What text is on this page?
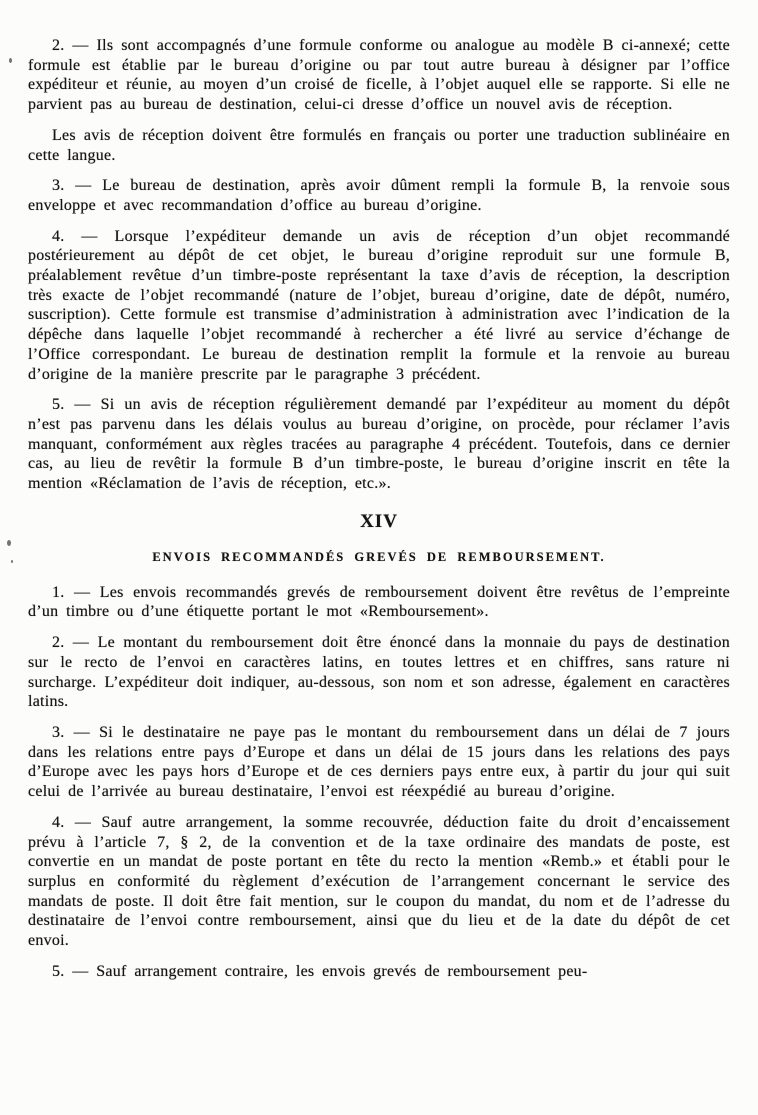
2. — Ils sont accompagnés d’une formule conforme ou analogue au modèle B ci-annexé; cette formule est établie par le bureau d’origine ou par tout autre bureau à désigner par l’office expéditeur et réunie, au moyen d’un croisé de ficelle, à l’objet auquel elle se rapporte. Si elle ne parvient pas au bureau de destination, celui-ci dresse d’office un nouvel avis de réception.

Les avis de réception doivent être formulés en français ou porter une traduction sublinéaire en cette langue.

3. — Le bureau de destination, après avoir dûment rempli la formule B, la renvoie sous enveloppe et avec recommandation d’office au bureau d’origine.

4. — Lorsque l’expéditeur demande un avis de réception d’un objet recommandé postérieurement au dépôt de cet objet, le bureau d’origine reproduit sur une formule B, préalablement revêtue d’un timbre-poste représentant la taxe d’avis de réception, la description très exacte de l’objet recommandé (nature de l’objet, bureau d’origine, date de dépôt, numéro, suscription). Cette formule est transmise d’administration à administration avec l’indication de la dépêche dans laquelle l’objet recommandé à rechercher a été livré au service d’échange de l’Office correspondant. Le bureau de destination remplit la formule et la renvoie au bureau d’origine de la manière prescrite par le paragraphe 3 précédent.

5. — Si un avis de réception régulièrement demandé par l’expéditeur au moment du dépôt n’est pas parvenu dans les délais voulus au bureau d’origine, on procède, pour réclamer l’avis manquant, conformément aux règles tracées au paragraphe 4 précédent. Toutefois, dans ce dernier cas, au lieu de revêtir la formule B d’un timbre-poste, le bureau d’origine inscrit en tête la mention «Réclamation de l’avis de réception, etc.».

XIV
ENVOIS RECOMMANDÉS GREVÉS DE REMBOURSEMENT.

1. — Les envois recommandés grevés de remboursement doivent être revêtus de l’empreinte d’un timbre ou d’une étiquette portant le mot «Remboursement».

2. — Le montant du remboursement doit être énoncé dans la monnaie du pays de destination sur le recto de l’envoi en caractères latins, en toutes lettres et en chiffres, sans rature ni surcharge. L’expéditeur doit indiquer, au-dessous, son nom et son adresse, également en caractères latins.

3. — Si le destinataire ne paye pas le montant du remboursement dans un délai de 7 jours dans les relations entre pays d’Europe et dans un délai de 15 jours dans les relations des pays d’Europe avec les pays hors d’Europe et de ces derniers pays entre eux, à partir du jour qui suit celui de l’arrivée au bureau destinataire, l’envoi est réexpédié au bureau d’origine.

4. — Sauf autre arrangement, la somme recouvrée, déduction faite du droit d’encaissement prévu à l’article 7, § 2, de la convention et de la taxe ordinaire des mandats de poste, est convertie en un mandat de poste portant en tête du recto la mention «Remb.» et établi pour le surplus en conformité du règlement d’exécution de l’arrangement concernant le service des mandats de poste. Il doit être fait mention, sur le coupon du mandat, du nom et de l’adresse du destinataire de l’envoi contre remboursement, ainsi que du lieu et de la date du dépôt de cet envoi.

5. — Sauf arrangement contraire, les envois grevés de remboursement peu-
